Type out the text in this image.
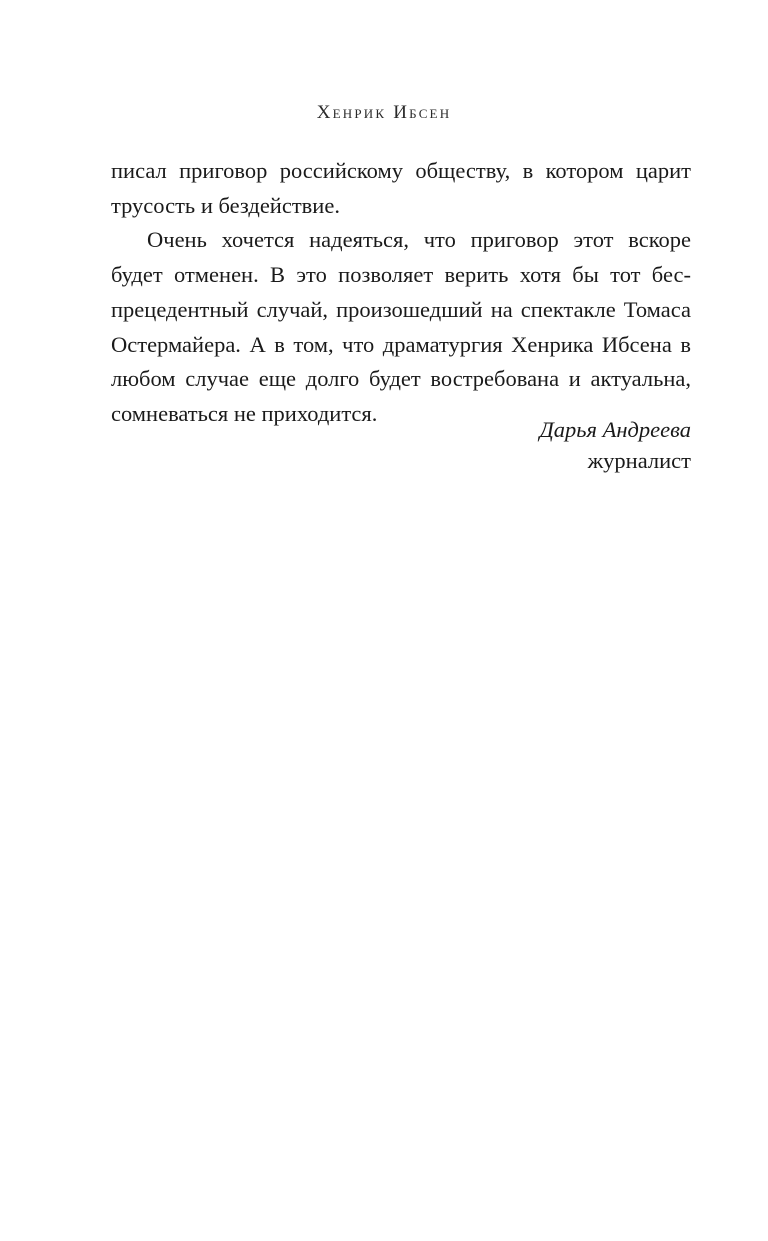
Хенрик Ибсен

писал приговор российскому обществу, в котором царит трусость и бездействие.

Очень хочется надеяться, что приговор этот вскоре будет отменен. В это позволяет верить хотя бы тот беспрецедентный случай, произошедший на спектакле Томаса Остермайера. А в том, что драматургия Хенрика Ибсена в любом случае еще долго будет востребована и актуальна, сомневаться не приходится.

Дарья Андреева
журналист
